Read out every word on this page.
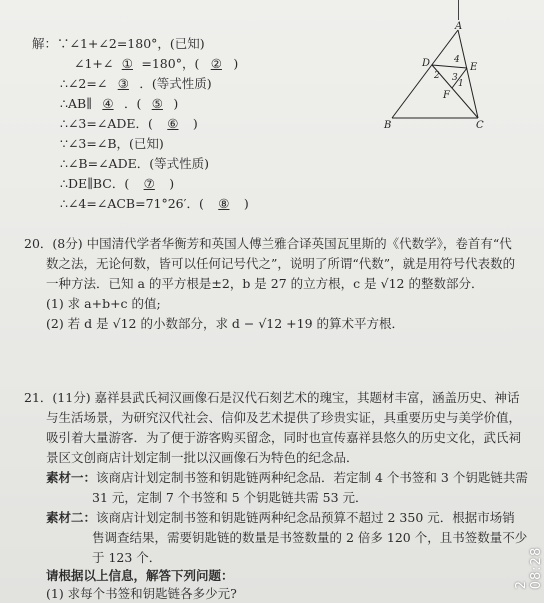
解：∵∠1+∠2=180°，(已知)
∠1+∠ ① =180°，( ② )
∴∠2=∠ ③ ．(等式性质)
∴AB∥ ④ ．( ⑤ )
∴∠3=∠ADE．( ⑥ )
∵∠3=∠B，(已知)
∴∠B=∠ADE．(等式性质)
∴DE∥BC．( ⑦ )
∴∠4=∠ACB=71°26′．( ⑧ )
A
D	E
F
B	C
4
3
2
1
20．(8分) 中国清代学者华衡芳和英国人傅兰雅合译英国瓦里斯的《代数学》，卷首有“代
数之法，无论何数，皆可以任何记号代之”，说明了所谓“代数”，就是用符号代表数的
一种方法．已知 a 的平方根是±2，b 是 27 的立方根，c 是 √12 的整数部分．
(1) 求 a+b+c 的值;
(2) 若 d 是 √12 的小数部分，求 d − √12 +19 的算术平方根．
21．(11分) 嘉祥县武氏祠汉画像石是汉代石刻艺术的瑰宝，其题材丰富，涵盖历史、神话
与生活场景，为研究汉代社会、信仰及艺术提供了珍贵实证，具重要历史与美学价值，
吸引着大量游客．为了便于游客购买留念，同时也宣传嘉祥县悠久的历史文化，武氏祠
景区文创商店计划定制一批以汉画像石为特色的纪念品．
素材一：该商店计划定制书签和钥匙链两种纪念品．若定制 4 个书签和 3 个钥匙链共需
31 元，定制 7 个书签和 5 个钥匙链共需 53 元．
素材二：该商店计划定制书签和钥匙链两种纪念品预算不超过 2 350 元．根据市场销
售调查结果，需要钥匙链的数量是书签数量的 2 倍多 120 个，且书签数量不少
于 123 个．
请根据以上信息，解答下列问题：
(1) 求每个书签和钥匙链各多少元?
2 08:28
